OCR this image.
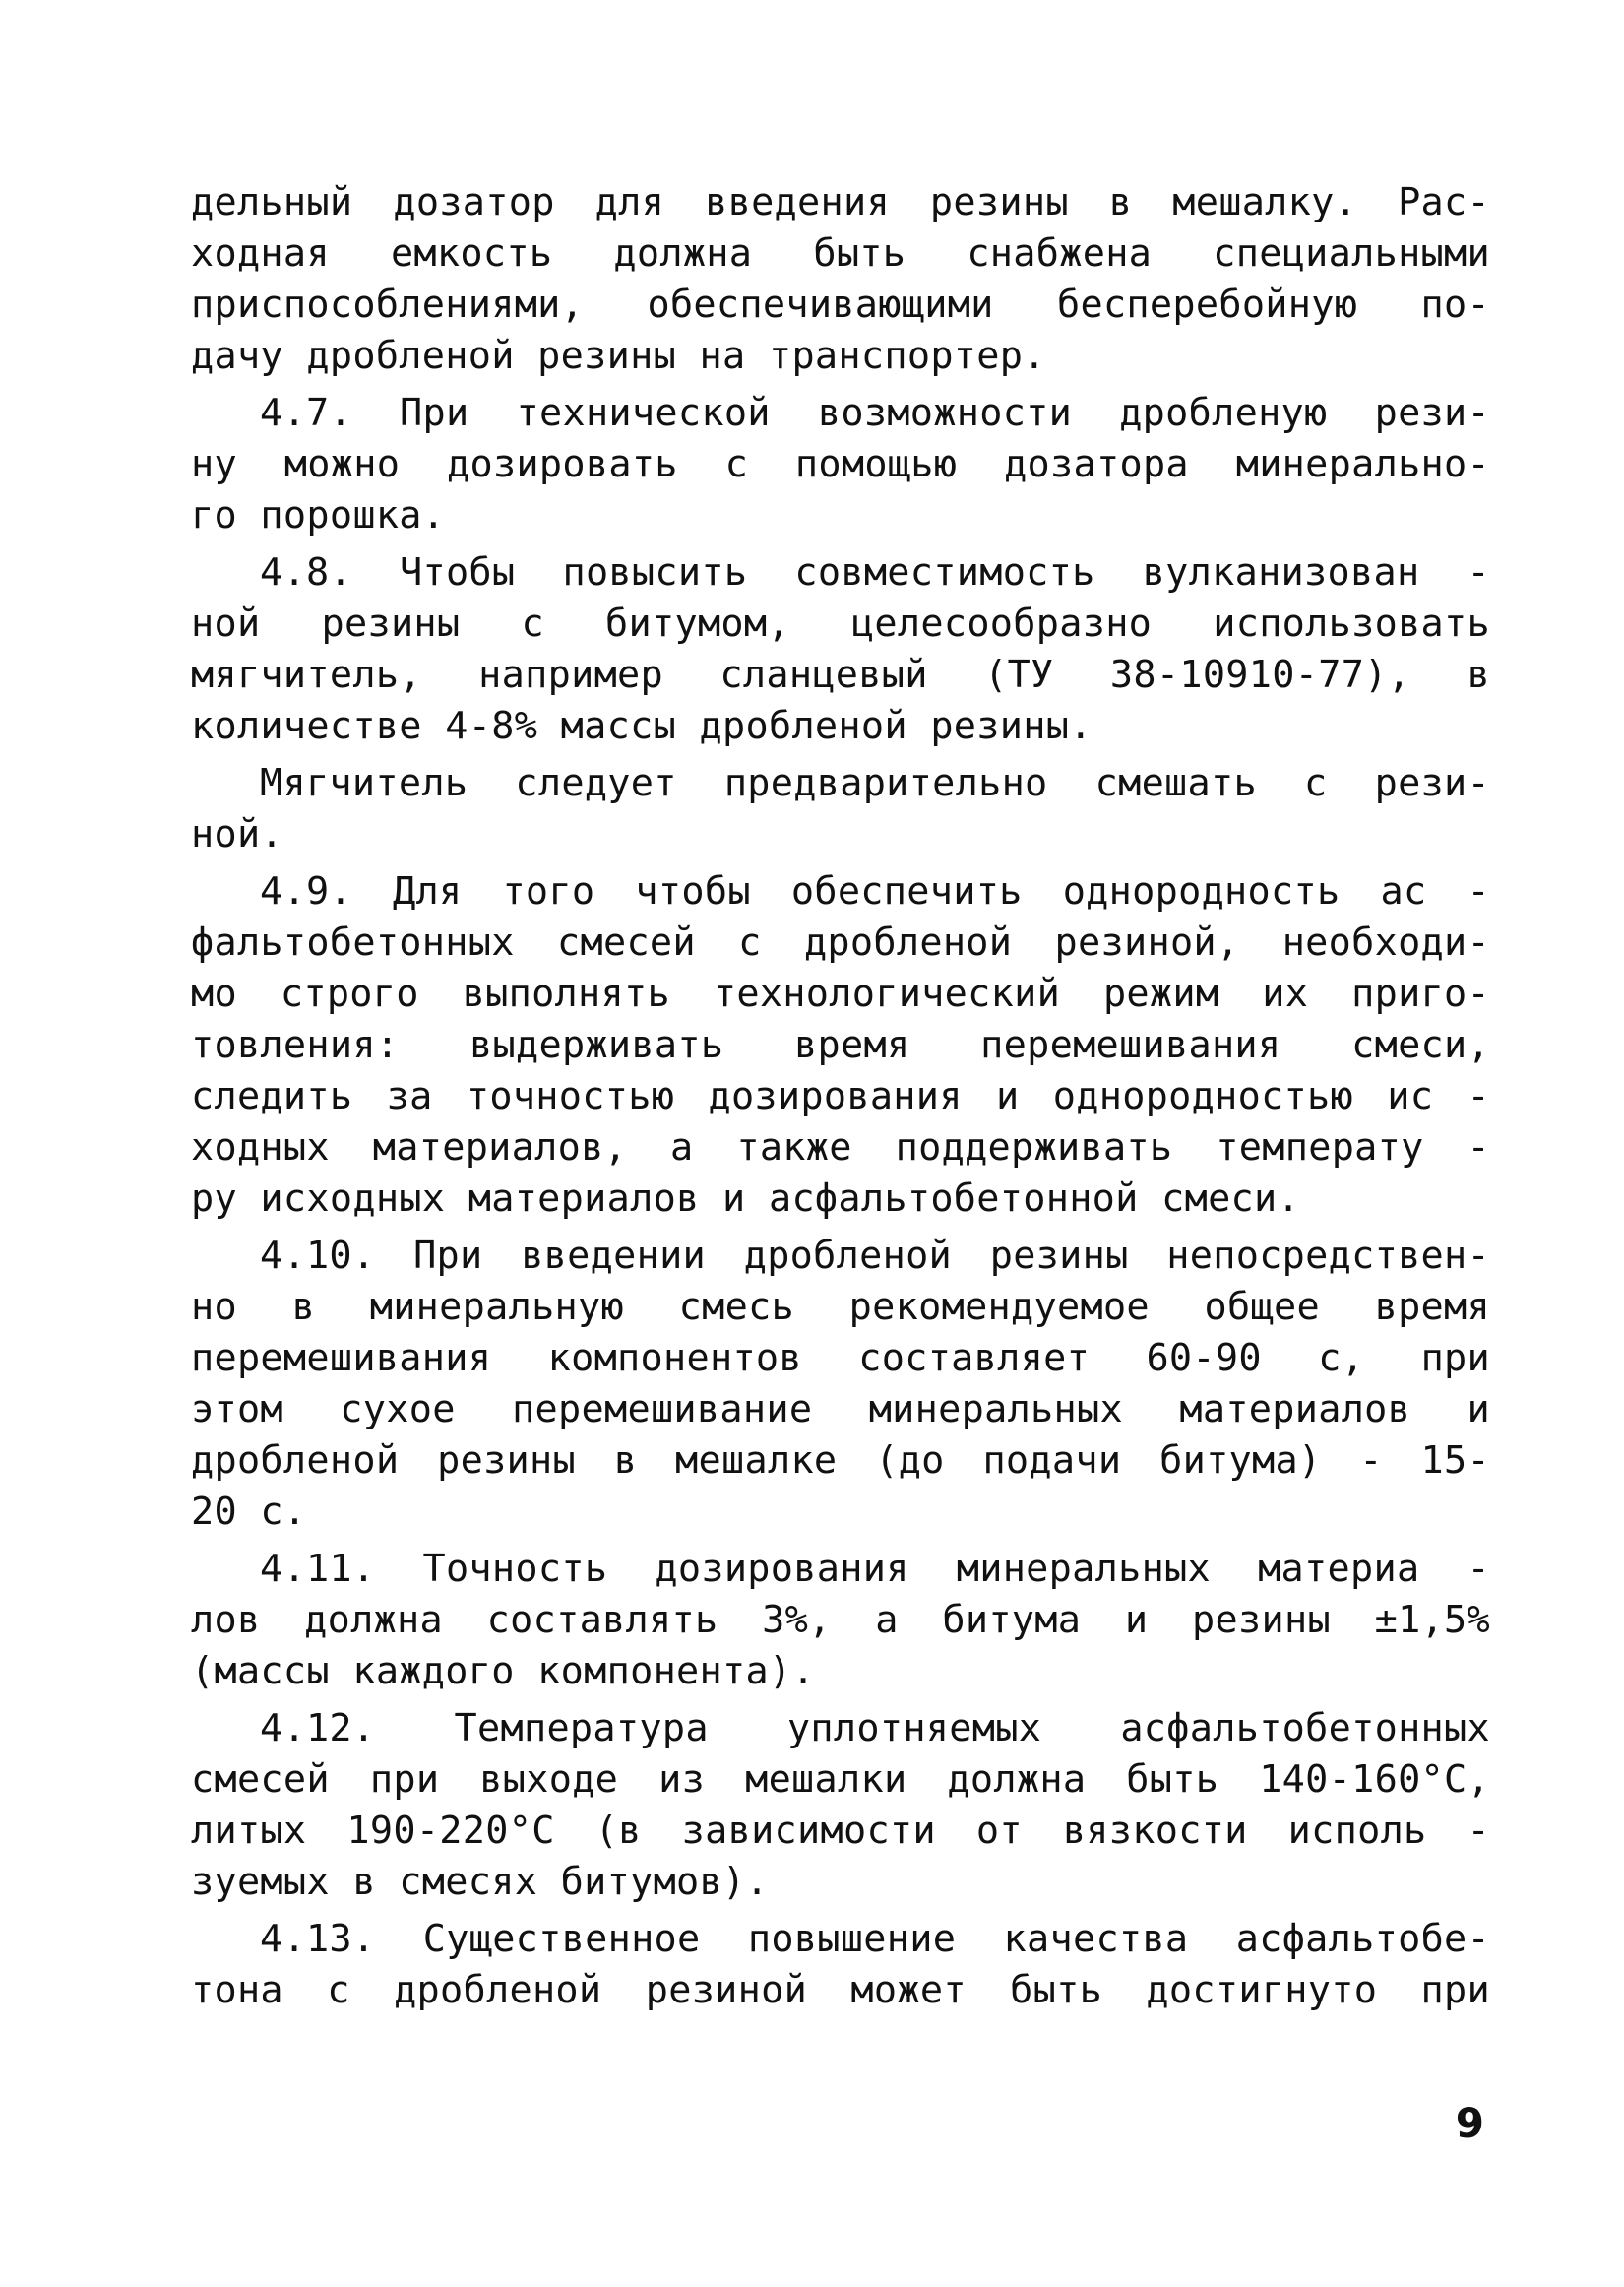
дельный дозатор для введения резины в мешалку. Рас-
ходная емкость должна быть снабжена специальными
приспособлениями, обеспечивающими бесперебойную по-
дачу дробленой резины на транспортер.
4.7. При технической возможности дробленую рези-
ну можно дозировать с помощью дозатора минерально-
го порошка.
4.8. Чтобы повысить совместимость вулканизован -
ной резины с битумом, целесообразно использовать
мягчитель, например сланцевый (ТУ 38-10910-77), в
количестве 4-8% массы дробленой резины.
Мягчитель следует предварительно смешать с рези-
ной.
4.9. Для того чтобы обеспечить однородность ас -
фальтобетонных смесей с дробленой резиной, необходи-
мо строго выполнять технологический режим их приго-
товления: выдерживать время перемешивания смеси,
следить за точностью дозирования и однородностью ис -
ходных материалов, а также поддерживать температу -
ру исходных материалов и асфальтобетонной смеси.
4.10. При введении дробленой резины непосредствен-
но в минеральную смесь рекомендуемое общее время
перемешивания компонентов составляет 60-90 с, при
этом сухое перемешивание минеральных материалов и
дробленой резины в мешалке (до подачи битума) - 15-
20 с.
4.11. Точность дозирования минеральных материа -
лов должна составлять 3%, а битума и резины ±1,5%
(массы каждого компонента).
4.12. Температура уплотняемых асфальтобетонных
смесей при выходе из мешалки должна быть 140-160°С,
литых 190-220°С (в зависимости от вязкости исполь -
зуемых в смесях битумов).
4.13. Существенное повышение качества асфальтобе-
тона с дробленой резиной может быть достигнуто при
9
